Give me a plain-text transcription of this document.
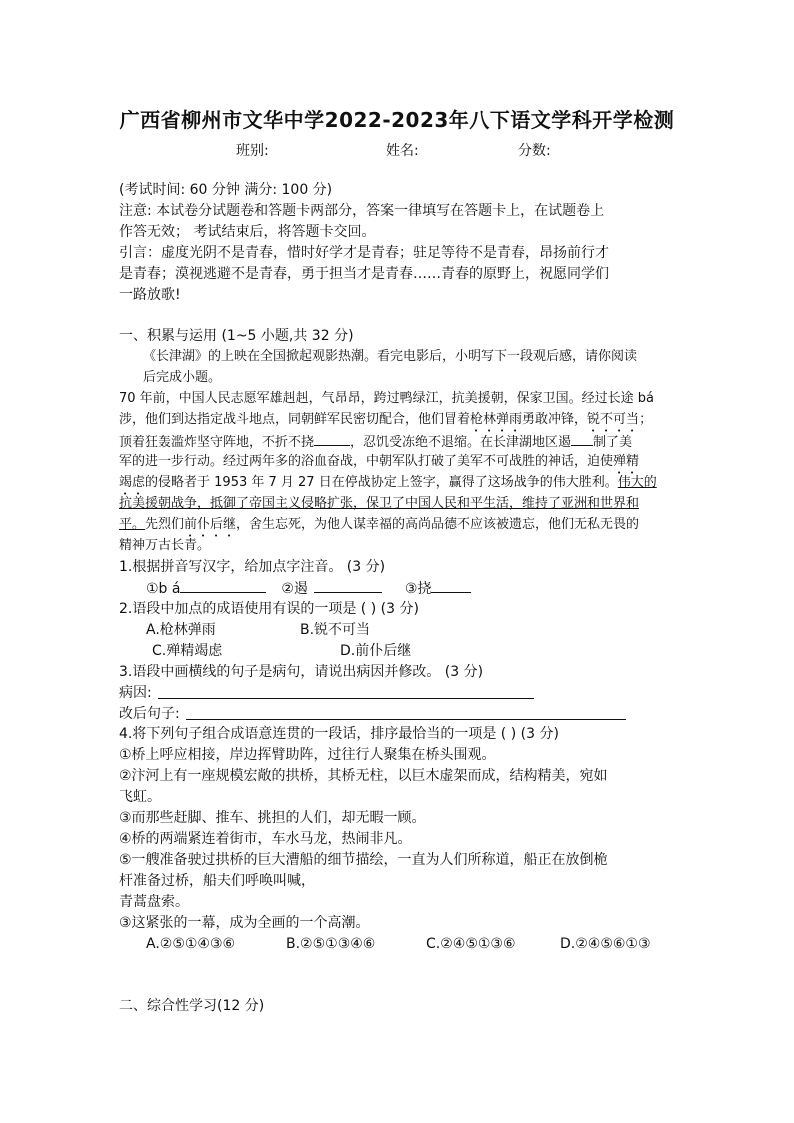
广西省柳州市文华中学2022-2023年八下语文学科开学检测
班别:	姓名:	分数:
(考试时间: 60 分钟 满分: 100 分)
注意: 本试卷分试题卷和答题卡两部分，答案一律填写在答题卡上，在试题卷上
作答无效； 考试结束后，将答题卡交回。
引言：虚度光阴不是青春，惜时好学才是青春；驻足等待不是青春，昂扬前行才
是青春；漠视逃避不是青春，勇于担当才是青春……青春的原野上，祝愿同学们
一路放歌!
一、积累与运用 (1~5 小题,共 32 分)
《长津湖》的上映在全国掀起观影热潮。看完电影后，小明写下一段观后感，请你阅读
后完成小题。
70 年前，中国人民志愿军雄赳赳，气昂昂，跨过鸭绿江，抗美援朝，保家卫国。经过长途 bá
涉，他们到达指定战斗地点，同朝鲜军民密切配合，他们冒着枪林弹雨勇敢冲锋，锐不可当；
顶着狂轰滥炸坚守阵地，不折不挠	，忍饥受冻绝不退缩。在长津湖地区遏 制了美
军的进一步行动。经过两年多的浴血奋战，中朝军队打破了美军不可战胜的神话，迫使殚精
竭虑的侵略者于 1953 年 7 月 27 日在停战协定上签字，赢得了这场战争的伟大胜利。伟大的
抗美援朝战争，抵御了帝国主义侵略扩张，保卫了中国人民和平生活，维持了亚洲和世界和
平。先烈们前仆后继，舍生忘死，为他人谋幸福的高尚品德不应该被遗忘，他们无私无畏的
精神万古长青。
1.根据拼音写汉字，给加点字注音。 (3 分)
①b á	②遏	③挠
2.语段中加点的成语使用有误的一项是 ( ) (3 分)
A.枪林弹雨	B.锐不可当
C.殚精竭虑	D.前仆后继
3.语段中画横线的句子是病句，请说出病因并修改。 (3 分)
病因:
改后句子:
4.将下列句子组合成语意连贯的一段话，排序最恰当的一项是 ( ) (3 分)
①桥上呼应相接，岸边挥臂助阵，过往行人聚集在桥头围观。
②汴河上有一座规模宏敞的拱桥，其桥无柱，以巨木虚架而成，结构精美，宛如
飞虹。
③而那些赶脚、推车、挑担的人们，却无暇一顾。
④桥的两端紧连着街市，车水马龙，热闹非凡。
⑤一艘准备驶过拱桥的巨大漕船的细节描绘，一直为人们所称道，船正在放倒桅
杆准备过桥，船夫们呼唤叫喊，
青蒿盘索。
③这紧张的一幕，成为全画的一个高潮。
A.②⑤①④③⑥	B.②⑤①③④⑥	C.②④⑤①③⑥	D.②④⑤⑥①③
二、综合性学习(12 分)
